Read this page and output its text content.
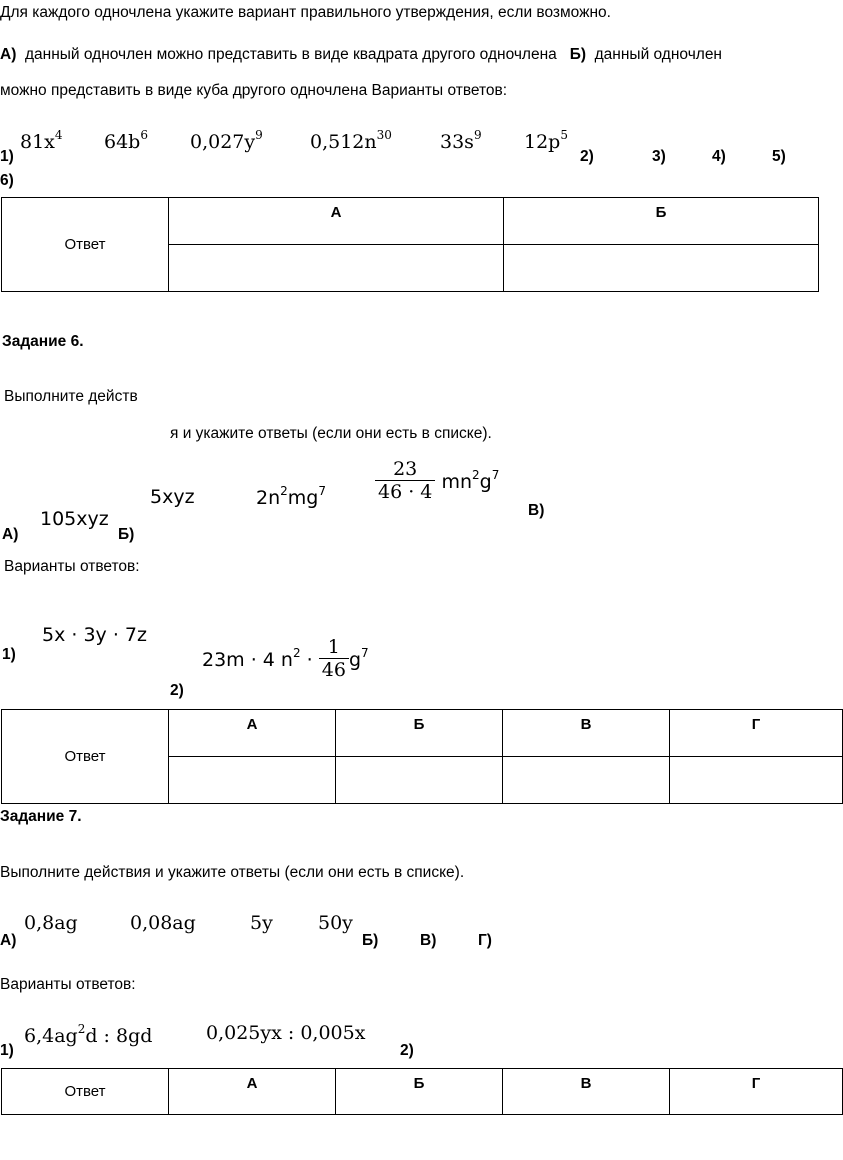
Для каждого одночлена укажите вариант правильного утверждения, если возможно.
А) данный одночлен можно представить в виде квадрата другого одночлена Б) данный одночлен
можно представить в виде куба другого одночлена Варианты ответов:
$81x^4$ $64b^6$ $0,027y^9$ $0,512n^{30}$	$33s^9$ $12p^5$
1)	2)	3)	4)	5)
6)
Ответ	А	Б

Задание 6.
Выполните действ
я и укажите ответы (если они есть в списке).
105xyz
5xyz	$2n^2mg^7$	$\frac{23}{46 \cdot 4} mn^2g^7$
А)	Б)
В)
Варианты ответов:
5x · 3y · 7z
1)	23m · 4 $n^2 \cdot \frac{1}{46} g^7$
2)
Ответ	А	Б	В	Г

Задание 7.
Выполните действия и укажите ответы (если они есть в списке).
0,8ag	0,08ag	5y 50y
А)	Б)	В)	Г)
Варианты ответов:
$6,4ag^2d$ : 8gd	0,025yx : 0,005x
1)	2)
Ответ	А	Б	В	Г
